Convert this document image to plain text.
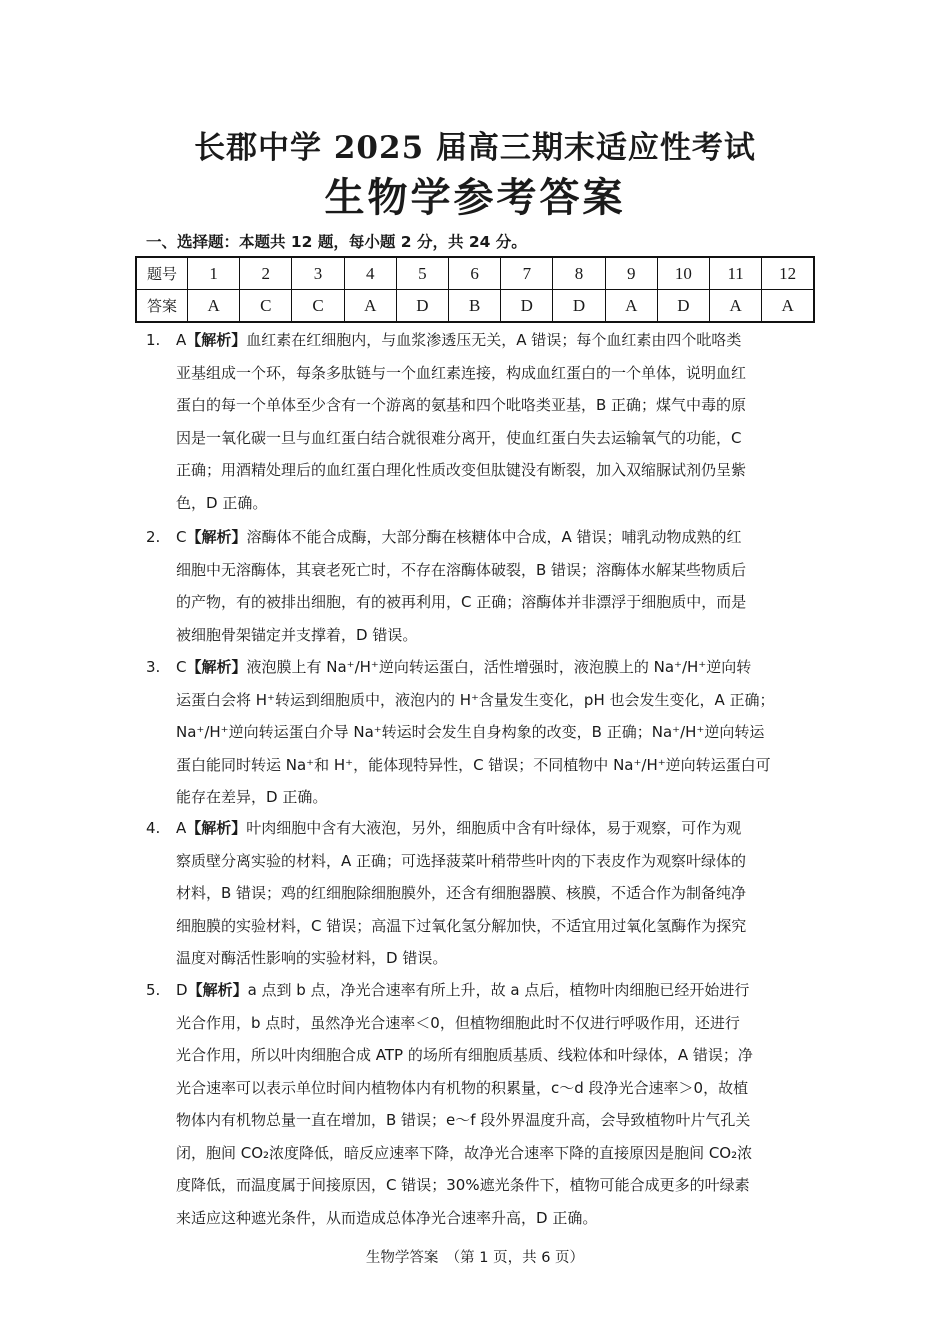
长郡中学 2025 届高三期末适应性考试
生物学参考答案
一、选择题：本题共 12 题，每小题 2 分，共 24 分。
题号	1	2	3	4	5	6	7	8	9	10	11	12
答案	A	C	C	A	D	B	D	D	A	D	A	A
1. A【解析】血红素在红细胞内，与血浆渗透压无关，A 错误；每个血红素由四个吡咯类
亚基组成一个环，每条多肽链与一个血红素连接，构成血红蛋白的一个单体，说明血红
蛋白的每一个单体至少含有一个游离的氨基和四个吡咯类亚基，B 正确；煤气中毒的原
因是一氧化碳一旦与血红蛋白结合就很难分离开，使血红蛋白失去运输氧气的功能，C
正确；用酒精处理后的血红蛋白理化性质改变但肽键没有断裂，加入双缩脲试剂仍呈紫
色，D 正确。
2. C【解析】溶酶体不能合成酶，大部分酶在核糖体中合成，A 错误；哺乳动物成熟的红
细胞中无溶酶体，其衰老死亡时，不存在溶酶体破裂，B 错误；溶酶体水解某些物质后
的产物，有的被排出细胞，有的被再利用，C 正确；溶酶体并非漂浮于细胞质中，而是
被细胞骨架锚定并支撑着，D 错误。
3. C【解析】液泡膜上有 Na⁺/H⁺逆向转运蛋白，活性增强时，液泡膜上的 Na⁺/H⁺逆向转
运蛋白会将 H⁺转运到细胞质中，液泡内的 H⁺含量发生变化，pH 也会发生变化，A 正确；
Na⁺/H⁺逆向转运蛋白介导 Na⁺转运时会发生自身构象的改变，B 正确；Na⁺/H⁺逆向转运
蛋白能同时转运 Na⁺和 H⁺，能体现特异性，C 错误；不同植物中 Na⁺/H⁺逆向转运蛋白可
能存在差异，D 正确。
4. A【解析】叶肉细胞中含有大液泡，另外，细胞质中含有叶绿体，易于观察，可作为观
察质壁分离实验的材料，A 正确；可选择菠菜叶稍带些叶肉的下表皮作为观察叶绿体的
材料，B 错误；鸡的红细胞除细胞膜外，还含有细胞器膜、核膜，不适合作为制备纯净
细胞膜的实验材料，C 错误；高温下过氧化氢分解加快，不适宜用过氧化氢酶作为探究
温度对酶活性影响的实验材料，D 错误。
5. D【解析】a 点到 b 点，净光合速率有所上升，故 a 点后，植物叶肉细胞已经开始进行
光合作用，b 点时，虽然净光合速率＜0，但植物细胞此时不仅进行呼吸作用，还进行
光合作用，所以叶肉细胞合成 ATP 的场所有细胞质基质、线粒体和叶绿体，A 错误；净
光合速率可以表示单位时间内植物体内有机物的积累量，c～d 段净光合速率＞0，故植
物体内有机物总量一直在增加，B 错误；e～f 段外界温度升高，会导致植物叶片气孔关
闭，胞间 CO₂浓度降低，暗反应速率下降，故净光合速率下降的直接原因是胞间 CO₂浓
度降低，而温度属于间接原因，C 错误；30%遮光条件下，植物可能合成更多的叶绿素
来适应这种遮光条件，从而造成总体净光合速率升高，D 正确。
生物学答案　（第 1 页，共 6 页）
